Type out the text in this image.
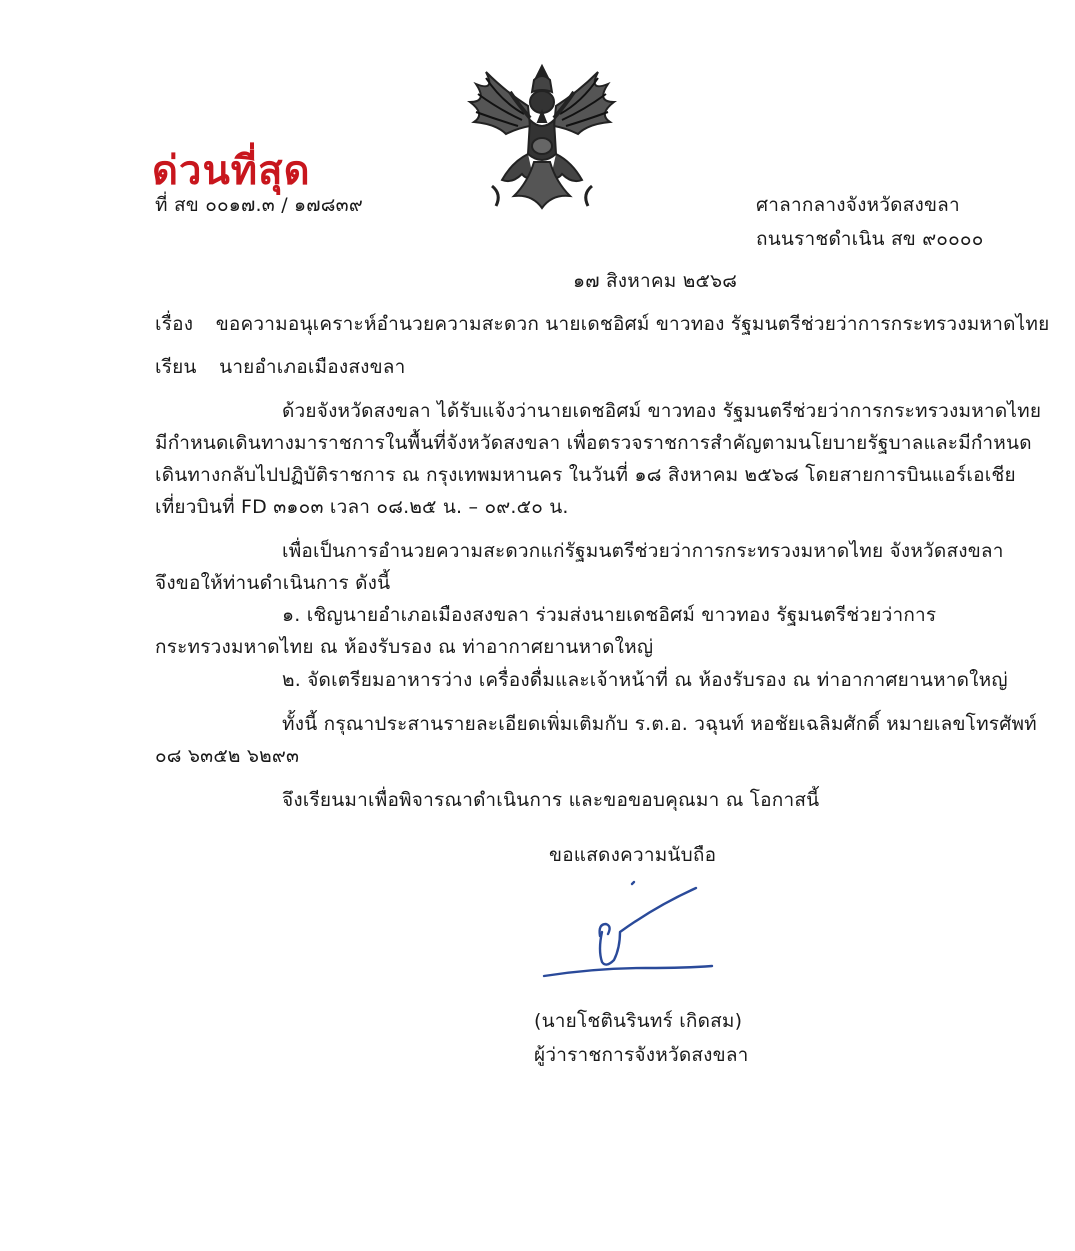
ด่วนที่สุด
ที่ สข ๐๐๑๗.๓ / ๑๗๘๓๙	ศาลากลางจังหวัดสงขลา
ถนนราชดำเนิน สข ๙๐๐๐๐
๑๗ สิงหาคม ๒๕๖๘
เรื่อง ขอความอนุเคราะห์อำนวยความสะดวก นายเดชอิศม์ ขาวทอง รัฐมนตรีช่วยว่าการกระทรวงมหาดไทย
เรียน นายอำเภอเมืองสงขลา
ด้วยจังหวัดสงขลา ได้รับแจ้งว่านายเดชอิศม์ ขาวทอง รัฐมนตรีช่วยว่าการกระทรวงมหาดไทย
มีกำหนดเดินทางมาราชการในพื้นที่จังหวัดสงขลา เพื่อตรวจราชการสำคัญตามนโยบายรัฐบาลและมีกำหนด
เดินทางกลับไปปฏิบัติราชการ ณ กรุงเทพมหานคร ในวันที่ ๑๘ สิงหาคม ๒๕๖๘ โดยสายการบินแอร์เอเชีย
เที่ยวบินที่ FD ๓๑๐๓ เวลา ๐๘.๒๕ น. – ๐๙.๕๐ น.
เพื่อเป็นการอำนวยความสะดวกแก่รัฐมนตรีช่วยว่าการกระทรวงมหาดไทย จังหวัดสงขลา
จึงขอให้ท่านดำเนินการ ดังนี้
๑. เชิญนายอำเภอเมืองสงขลา ร่วมส่งนายเดชอิศม์ ขาวทอง รัฐมนตรีช่วยว่าการ
กระทรวงมหาดไทย ณ ห้องรับรอง ณ ท่าอากาศยานหาดใหญ่
๒. จัดเตรียมอาหารว่าง เครื่องดื่มและเจ้าหน้าที่ ณ ห้องรับรอง ณ ท่าอากาศยานหาดใหญ่
ทั้งนี้ กรุณาประสานรายละเอียดเพิ่มเติมกับ ร.ต.อ. วฉุนท์ หอชัยเฉลิมศักดิ์ หมายเลขโทรศัพท์
๐๘ ๖๓๕๒ ๖๒๙๓
จึงเรียนมาเพื่อพิจารณาดำเนินการ และขอขอบคุณมา ณ โอกาสนี้
ขอแสดงความนับถือ
(นายโชตินรินทร์ เกิดสม)
ผู้ว่าราชการจังหวัดสงขลา
